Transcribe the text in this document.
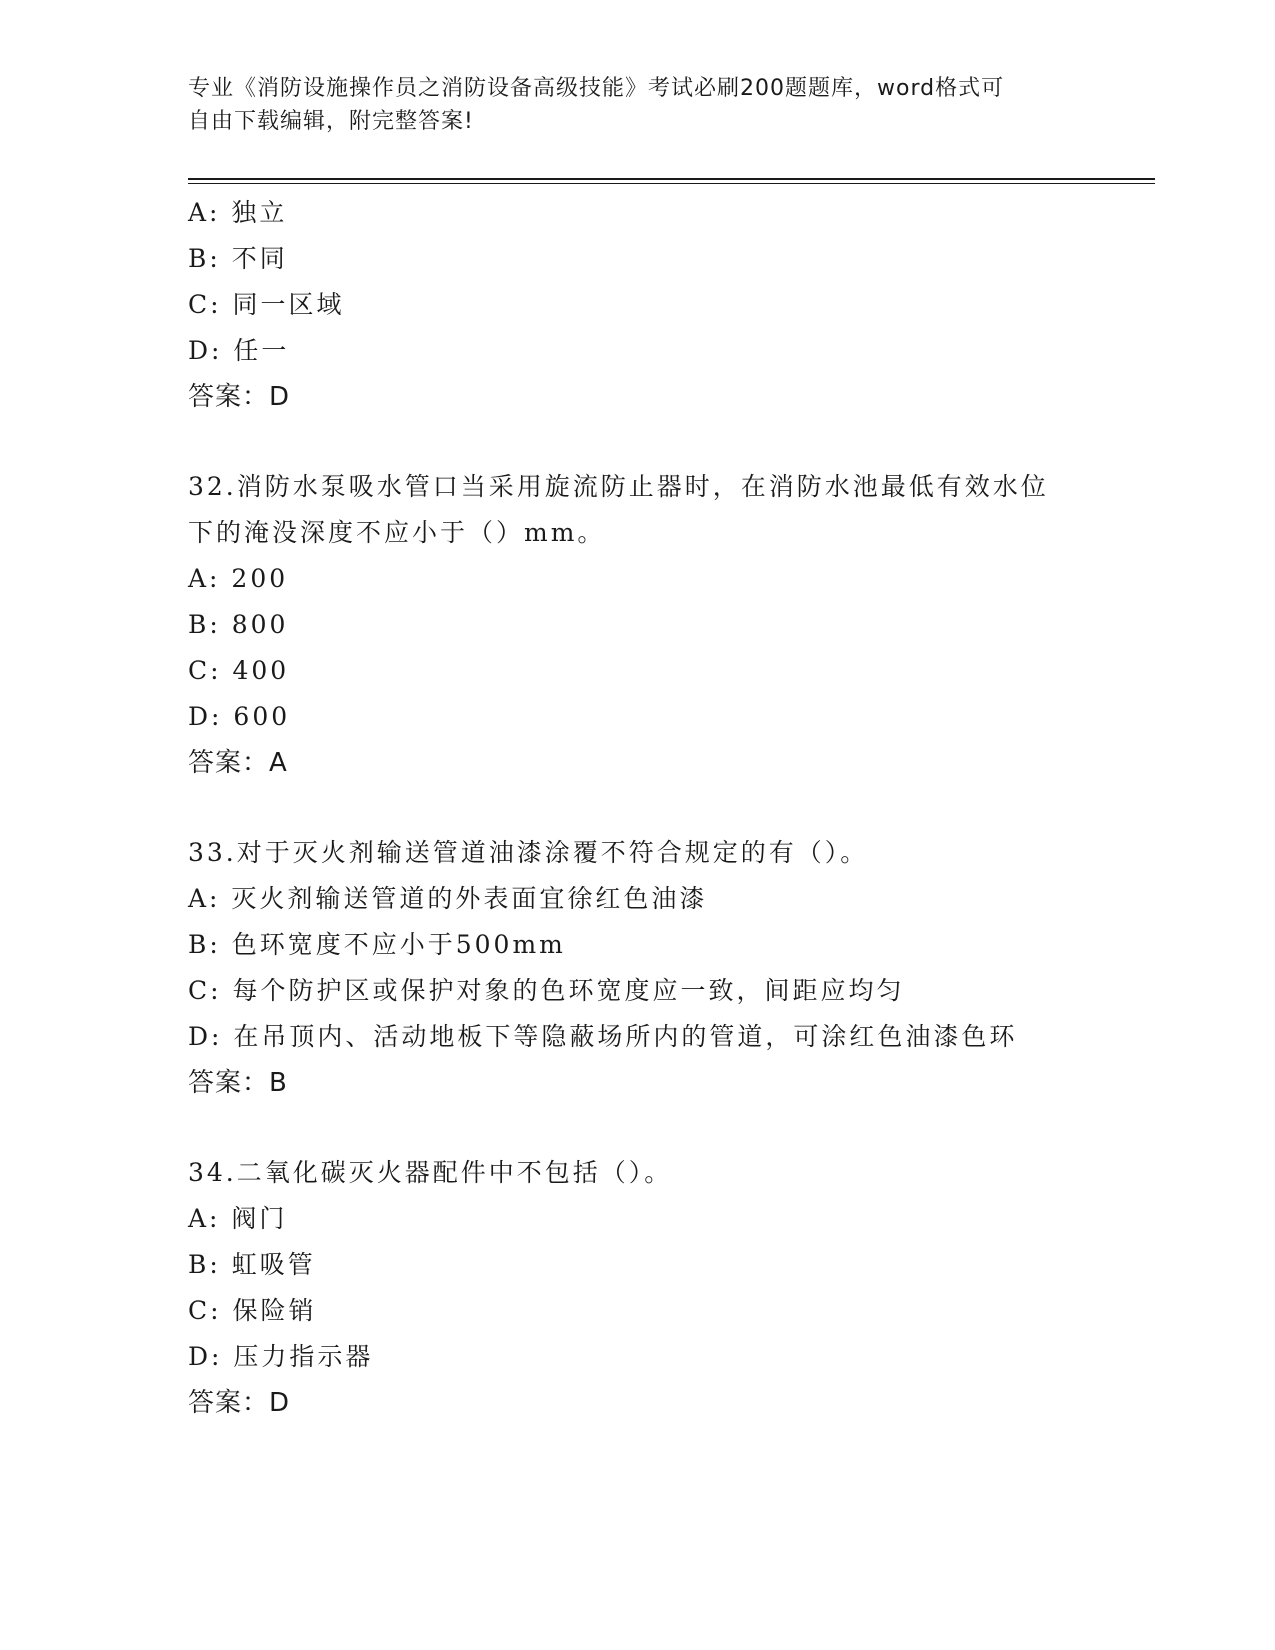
专业《消防设施操作员之消防设备高级技能》考试必刷200题题库，word格式可
自由下载编辑，附完整答案!
A: 独立
B: 不同
C: 同一区域
D: 任一
答案：D
32.消防水泵吸水管口当采用旋流防止器时，在消防水池最低有效水位
下的淹没深度不应小于（）mm。
A: 200
B: 800
C: 400
D: 600
答案：A
33.对于灭火剂输送管道油漆涂覆不符合规定的有（）。
A: 灭火剂输送管道的外表面宜徐红色油漆
B: 色环宽度不应小于500mm
C: 每个防护区或保护对象的色环宽度应一致，间距应均匀
D: 在吊顶内、活动地板下等隐蔽场所内的管道，可涂红色油漆色环
答案：B
34.二氧化碳灭火器配件中不包括（）。
A: 阀门
B: 虹吸管
C: 保险销
D: 压力指示器
答案：D
